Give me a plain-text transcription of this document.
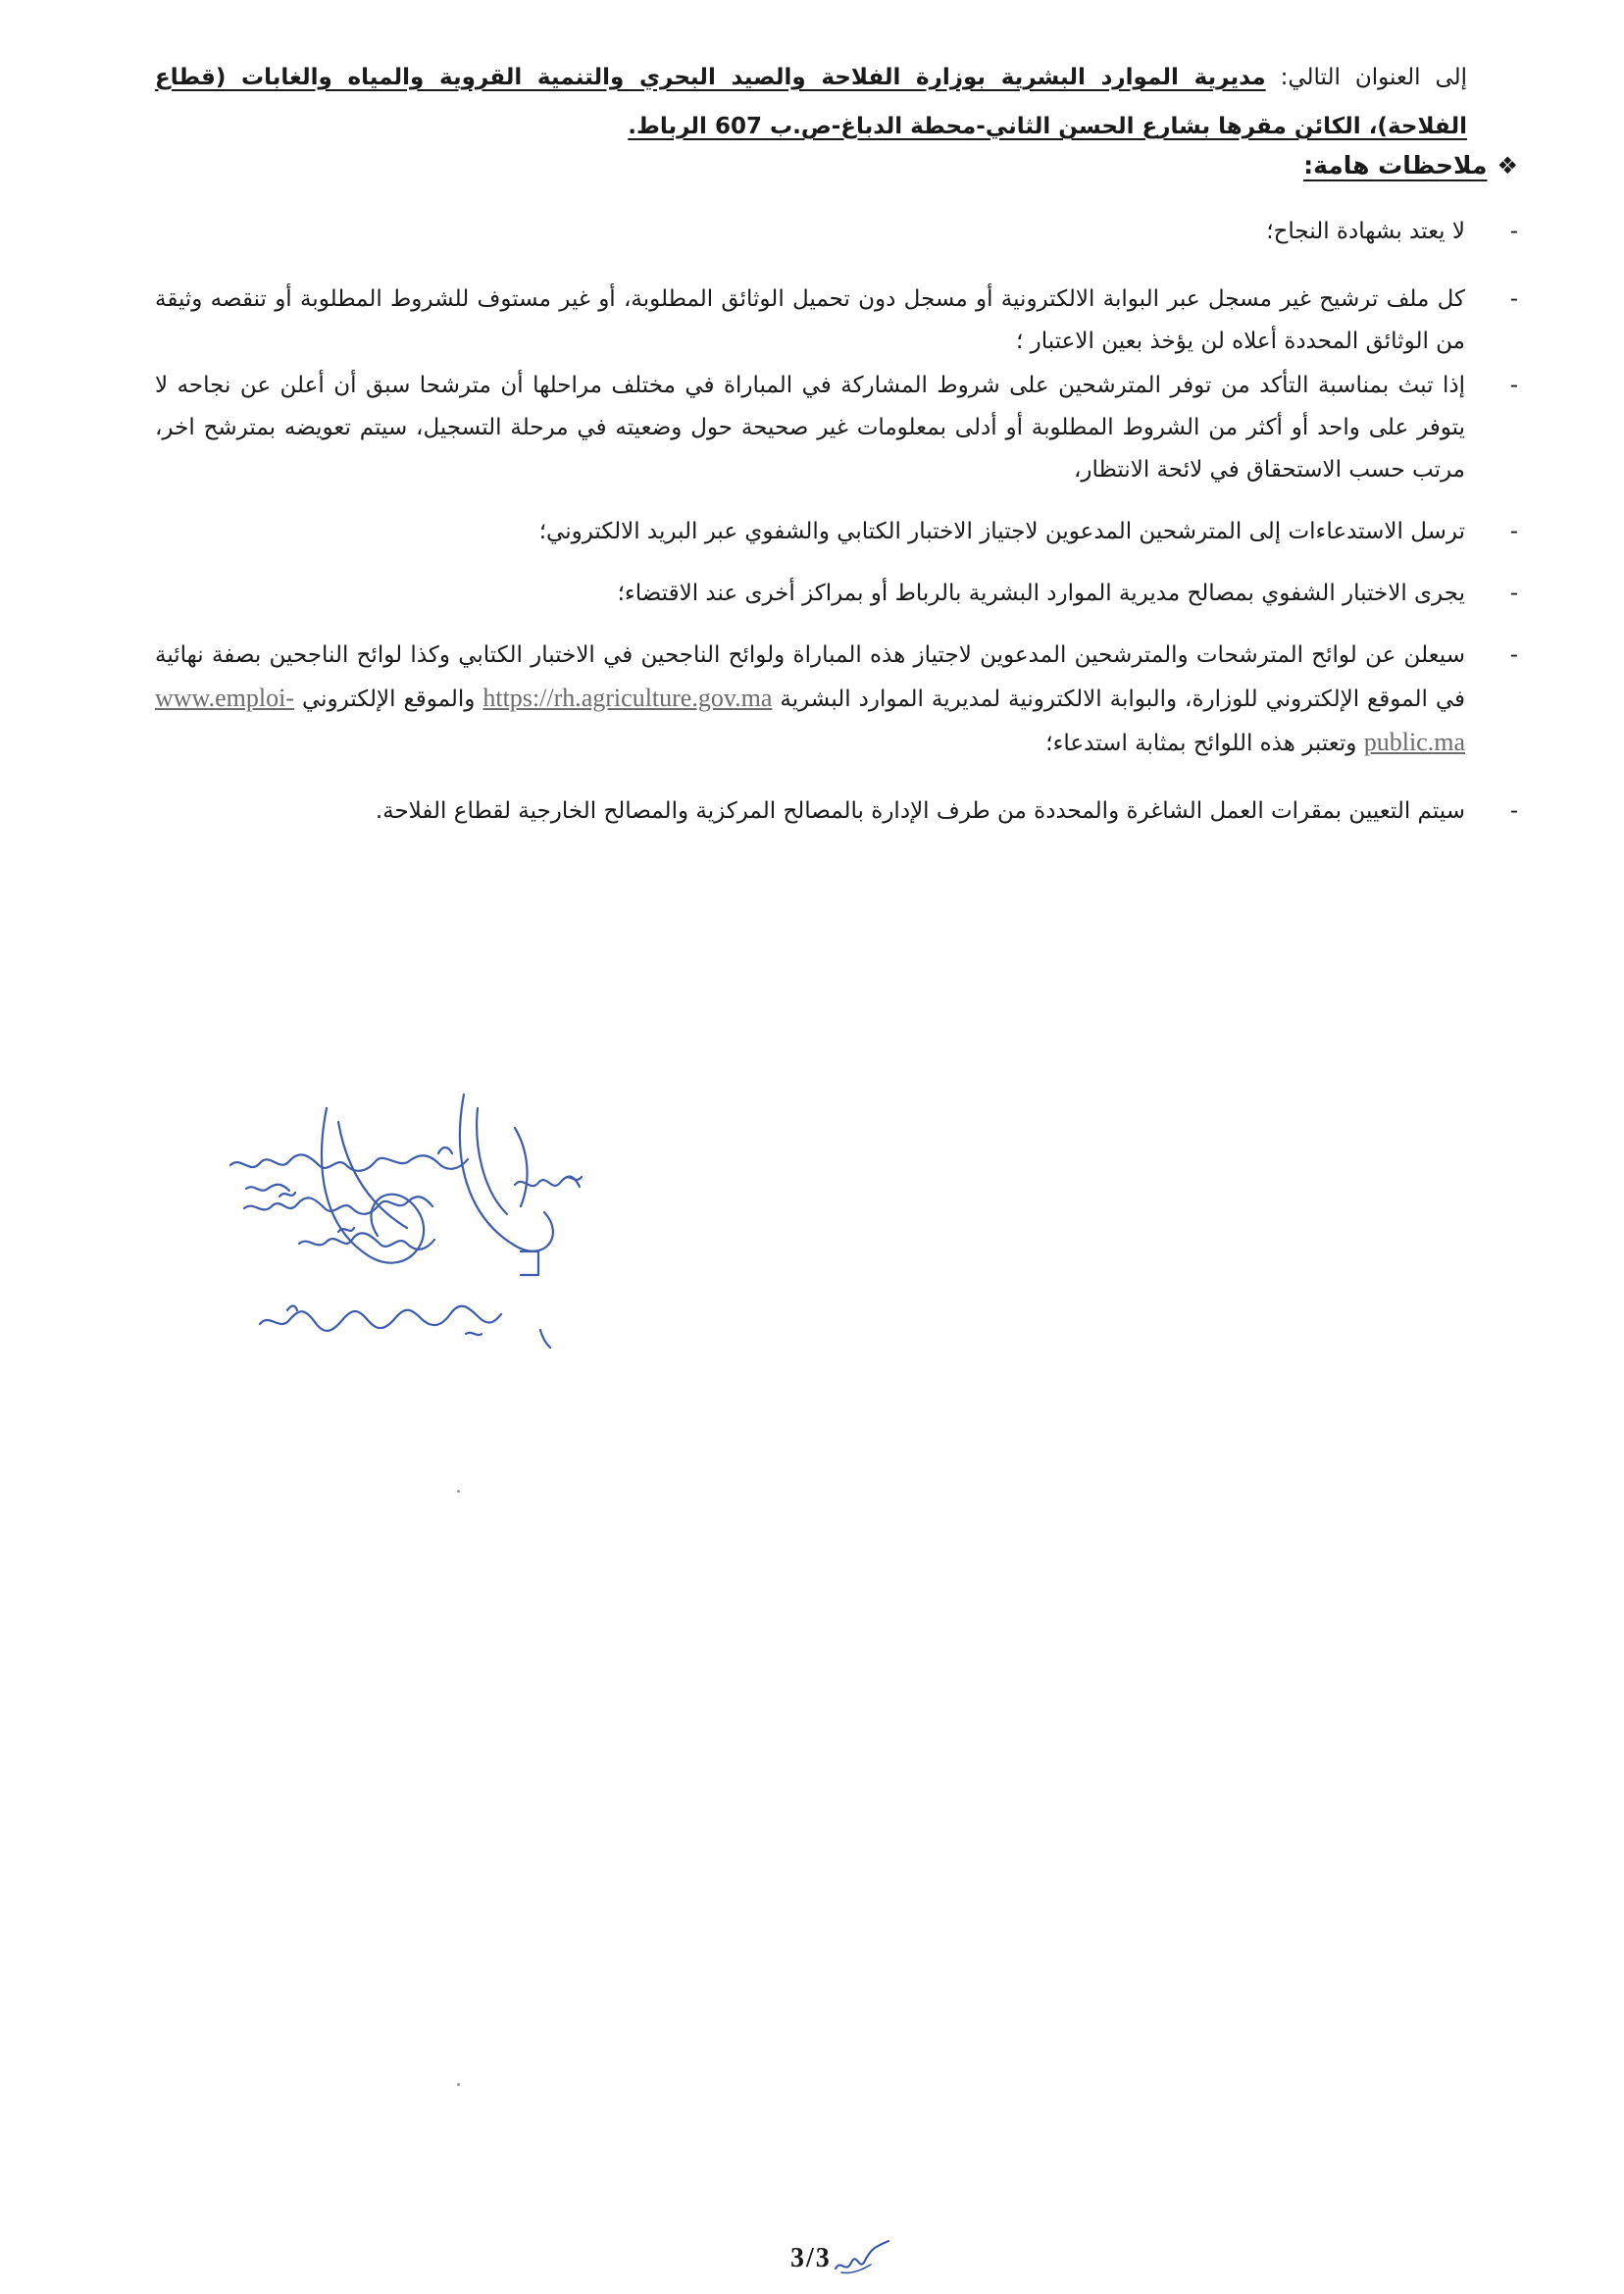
إلى العنوان التالي: مديرية الموارد البشرية بوزارة الفلاحة والصيد البحري والتنمية القروية والمياه والغابات (قطاع الفلاحة)، الكائن مقرها بشارع الحسن الثاني-محطة الدباغ-ص.ب 607 الرباط.
❖
ملاحظات هامة:
-
لا يعتد بشهادة النجاح؛
-
كل ملف ترشيح غير مسجل عبر البوابة الالكترونية أو مسجل دون تحميل الوثائق المطلوبة، أو غير مستوف للشروط المطلوبة أو تنقصه وثيقة من الوثائق المحددة أعلاه لن يؤخذ بعين الاعتبار ؛
-
إذا تبث بمناسبة التأكد من توفر المترشحين على شروط المشاركة في المباراة في مختلف مراحلها أن مترشحا سبق أن أعلن عن نجاحه لا يتوفر على واحد أو أكثر من الشروط المطلوبة أو أدلى بمعلومات غير صحيحة حول وضعيته في مرحلة التسجيل، سيتم تعويضه بمترشح اخر، مرتب حسب الاستحقاق في لائحة الانتظار،
-
ترسل الاستدعاءات إلى المترشحين المدعوين لاجتياز الاختبار الكتابي والشفوي عبر البريد الالكتروني؛
-
يجرى الاختبار الشفوي بمصالح مديرية الموارد البشرية بالرباط أو بمراكز أخرى عند الاقتضاء؛
-
سيعلن عن لوائح المترشحات والمترشحين المدعوين لاجتياز هذه المباراة ولوائح الناجحين في الاختبار الكتابي وكذا لوائح الناجحين بصفة نهائية في الموقع الإلكتروني للوزارة، والبوابة الالكترونية لمديرية الموارد البشرية https://rh.agriculture.gov.ma والموقع الإلكتروني www.emploi-public.ma وتعتبر هذه اللوائح بمثابة استدعاء؛
-
سيتم التعيين بمقرات العمل الشاغرة والمحددة من طرف الإدارة بالمصالح المركزية والمصالح الخارجية لقطاع الفلاحة.
3 / 3
